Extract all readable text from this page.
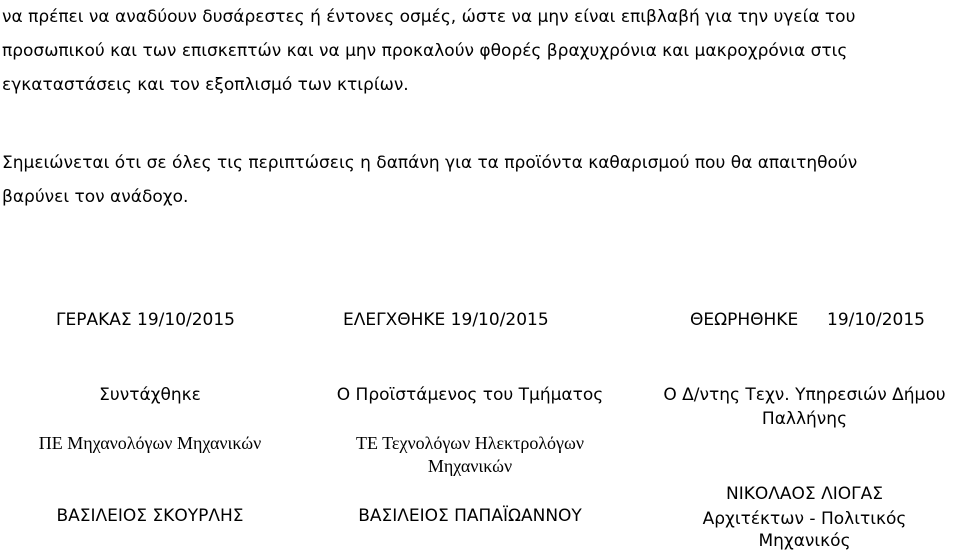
να πρέπει να αναδύουν δυσάρεστες ή έντονες οσμές, ώστε να μην είναι επιβλαβή για την υγεία του
προσωπικού και των επισκεπτών και να μην προκαλούν φθορές βραχυχρόνια και μακροχρόνια στις
εγκαταστάσεις και τον εξοπλισμό των κτιρίων.
Σημειώνεται ότι σε όλες τις περιπτώσεις η δαπάνη για τα προϊόντα καθαρισμού που θα απαιτηθούν
βαρύνει τον ανάδοχο.
ΓΕΡΑΚΑΣ 19/10/2015	ΕΛΕΓΧΘΗΚΕ 19/10/2015	ΘΕΩΡΗΘΗΚΕ 19/10/2015
Συντάχθηκε
ΠΕ Μηχανολόγων Μηχανικών
ΒΑΣΙΛΕΙΟΣ ΣΚΟΥΡΛΗΣ
Ο Προϊστάμενος του Τμήματος
ΤΕ Τεχνολόγων Ηλεκτρολόγων
Μηχανικών
ΒΑΣΙΛΕΙΟΣ ΠΑΠΑΪΩΑΝΝΟΥ
Ο Δ/ντης Τεχν. Υπηρεσιών Δήμου
Παλλήνης
ΝΙΚΟΛΑΟΣ ΛΙΟΓΑΣ
Αρχιτέκτων - Πολιτικός
Μηχανικός
